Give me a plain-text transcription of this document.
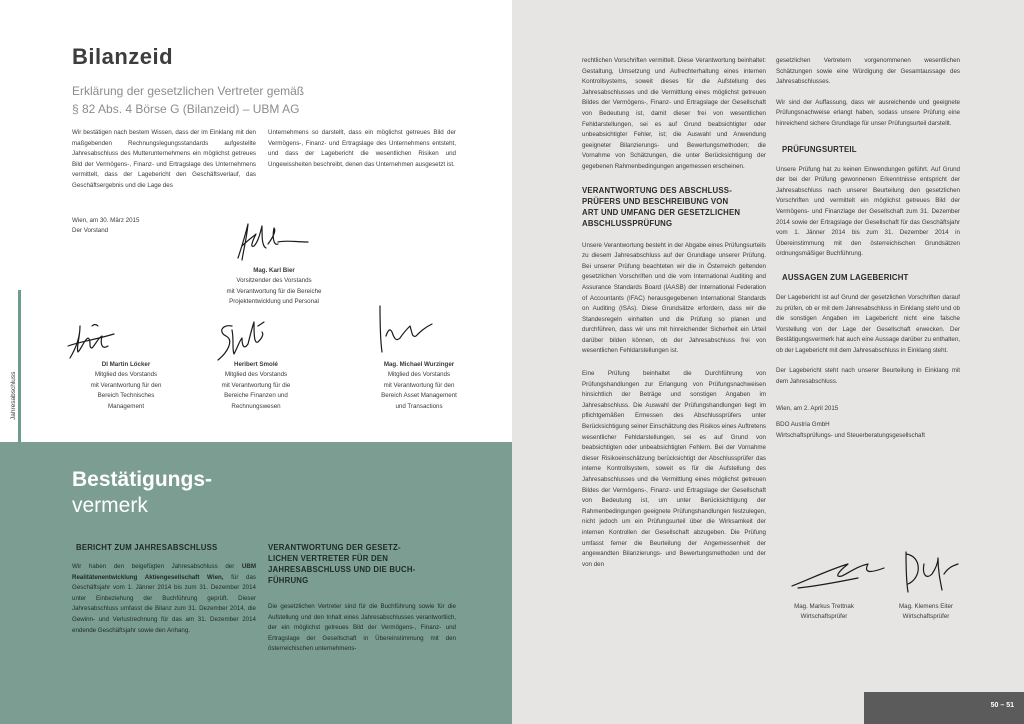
Bilanzeid
Erklärung der gesetzlichen Vertreter gemäß
§ 82 Abs. 4 Börse G (Bilanzeid) – UBM AG

Wir bestätigen nach bestem Wissen, dass der im Einklang mit den maßgebenden Rechnungslegungsstandards aufgestellte Jahresabschluss des Mutterunternehmens ein möglichst getreues Bild der Vermögens-, Finanz- und Ertragslage des Unternehmens vermittelt, dass der Lagebericht den Geschäftsverlauf, das Geschäftsergebnis und die Lage des

Unternehmens so darstellt, dass ein möglichst getreues Bild der Vermögens-, Finanz- und Ertragslage des Unternehmens entsteht, und dass der Lagebericht die wesentlichen Risiken und Ungewissheiten beschreibt, denen das Unternehmen ausgesetzt ist.

Wien, am 30. März 2015
Der Vorstand
Mag. Karl Bier
Vorsitzender des Vorstands
mit Verantwortung für die Bereiche
Projektentwicklung und Personal
DI Martin Löcker
Mitglied des Vorstands
mit Verantwortung für den
Bereich Technisches
Management
Heribert Smolé
Mitglied des Vorstands
mit Verantwortung für die
Bereiche Finanzen und
Rechnungswesen
Mag. Michael Wurzinger
Mitglied des Vorstands
mit Verantwortung für den
Bereich Asset Management
und Transactions
Jahresabschluss
Bestätigungs-
vermerk
BERICHT ZUM JAHRESABSCHLUSS

Wir haben den beigefügten Jahresabschluss der UBM Realitätenentwicklung Aktiengesellschaft Wien, für das Geschäftsjahr vom 1. Jänner 2014 bis zum 31. Dezember 2014 unter Einbeziehung der Buchführung geprüft. Dieser Jahresabschluss umfasst die Bilanz zum 31. Dezember 2014, die Gewinn- und Verlustrechnung für das am 31. Dezember 2014 endende Geschäftsjahr sowie den Anhang.

VERANTWORTUNG DER GESETZ-
LICHEN VERTRETER FÜR DEN
JAHRESABSCHLUSS UND DIE BUCH-
FÜHRUNG

Die gesetzlichen Vertreter sind für die Buchführung sowie für die Aufstellung und den Inhalt eines Jahresabschlusses verantwortlich, der ein möglichst getreues Bild der Vermögens-, Finanz- und Ertragslage der Gesellschaft in Übereinstimmung mit den österreichischen unternehmens-

rechtlichen Vorschriften vermittelt. Diese Verantwortung beinhaltet: Gestaltung, Umsetzung und Aufrechterhaltung eines internen Kontrollsystems, soweit dieses für die Aufstellung des Jahresabschlusses und die Vermittlung eines möglichst getreuen Bildes der Vermögens-, Finanz- und Ertragslage der Gesellschaft von Bedeutung ist, damit dieser frei von wesentlichen Fehldarstellungen, sei es auf Grund beabsichtigter oder unbeabsichtigter Fehler, ist; die Auswahl und Anwendung geeigneter Bilanzierungs- und Bewertungsmethoden; die Vornahme von Schätzungen, die unter Berücksichtigung der gegebenen Rahmenbedingungen angemessen erscheinen.

VERANTWORTUNG DES ABSCHLUSS-
PRÜFERS UND BESCHREIBUNG VON
ART UND UMFANG DER GESETZLICHEN
ABSCHLUSSPRÜFUNG

Unsere Verantwortung besteht in der Abgabe eines Prüfungsurteils zu diesem Jahresabschluss auf der Grundlage unserer Prüfung. Bei unserer Prüfung beachteten wir die in Österreich geltenden gesetzlichen Vorschriften und die vom International Auditing and Assurance Standards Board (IAASB) der International Federation of Accountants (IFAC) herausgegebenen International Standards on Auditing (ISAs). Diese Grundsätze erfordern, dass wir die Standesregeln einhalten und die Prüfung so planen und durchführen, dass wir uns mit hinreichender Sicherheit ein Urteil darüber bilden können, ob der Jahresabschluss frei von wesentlichen Fehldarstellungen ist.

Eine Prüfung beinhaltet die Durchführung von Prüfungshandlungen zur Erlangung von Prüfungsnachweisen hinsichtlich der Beträge und sonstigen Angaben im Jahresabschluss. Die Auswahl der Prüfungshandlungen liegt im pflichtgemäßen Ermessen des Abschlussprüfers unter Berücksichtigung seiner Einschätzung des Risikos eines Auftretens wesentlicher Fehldarstellungen, sei es auf Grund von beabsichtigten oder unbeabsichtigten Fehlern. Bei der Vornahme dieser Risikoeinschätzung berücksichtigt der Abschlussprüfer das interne Kontrollsystem, soweit es für die Aufstellung des Jahresabschlusses und die Vermittlung eines möglichst getreuen Bildes der Vermögens-, Finanz- und Ertragslage der Gesellschaft von Bedeutung ist, um unter Berücksichtigung der Rahmenbedingungen geeignete Prüfungshandlungen festzulegen, nicht jedoch um ein Prüfungsurteil über die Wirksamkeit der internen Kontrollen der Gesellschaft abzugeben. Die Prüfung umfasst ferner die Beurteilung der Angemessenheit der angewandten Bilanzierungs- und Bewertungsmethoden und der von den

gesetzlichen Vertretern vorgenommenen wesentlichen Schätzungen sowie eine Würdigung der Gesamtaussage des Jahresabschlusses.

Wir sind der Auffassung, dass wir ausreichende und geeignete Prüfungsnachweise erlangt haben, sodass unsere Prüfung eine hinreichend sichere Grundlage für unser Prüfungsurteil darstellt.

PRÜFUNGSURTEIL

Unsere Prüfung hat zu keinen Einwendungen geführt. Auf Grund der bei der Prüfung gewonnenen Erkenntnisse entspricht der Jahresabschluss nach unserer Beurteilung den gesetzlichen Vorschriften und vermittelt ein möglichst getreues Bild der Vermögens- und Finanzlage der Gesellschaft zum 31. Dezember 2014 sowie der Ertragslage der Gesellschaft für das Geschäftsjahr vom 1. Jänner 2014 bis zum 31. Dezember 2014 in Übereinstimmung mit den österreichischen Grundsätzen ordnungsmäßiger Buchführung.

AUSSAGEN ZUM LAGEBERICHT

Der Lagebericht ist auf Grund der gesetzlichen Vorschriften darauf zu prüfen, ob er mit dem Jahresabschluss in Einklang steht und ob die sonstigen Angaben im Lagebericht nicht eine falsche Vorstellung von der Lage der Gesellschaft erwecken. Der Bestätigungsvermerk hat auch eine Aussage darüber zu enthalten, ob der Lagebericht mit dem Jahresabschluss in Einklang steht.

Der Lagebericht steht nach unserer Beurteilung in Einklang mit dem Jahresabschluss.

Wien, am 2. April 2015

BDO Austria GmbH

Wirtschaftsprüfungs- und Steuerberatungsgesellschaft

Mag. Markus Trettnak
Wirtschaftsprüfer
Mag. Klemens Eiter
Wirtschaftsprüfer
50 – 51
